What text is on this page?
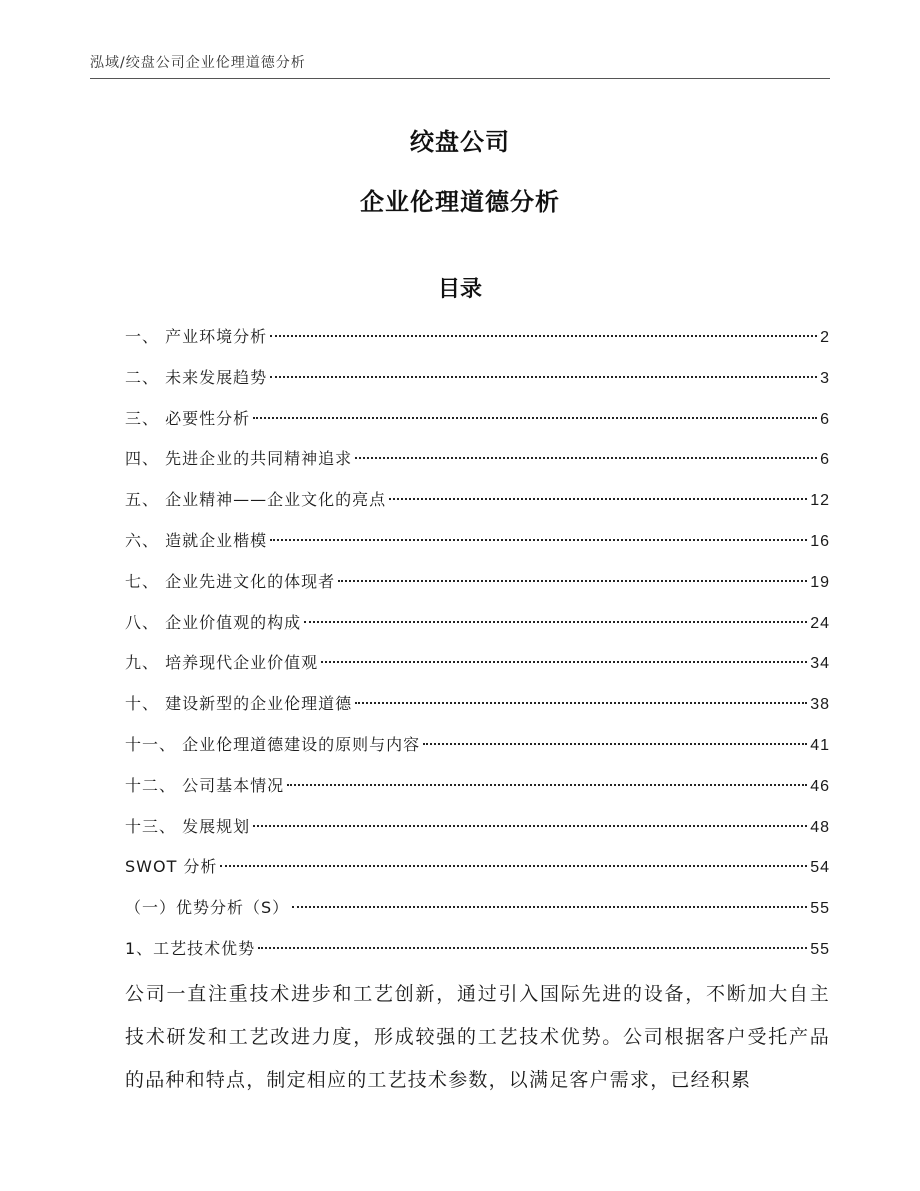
泓域/绞盘公司企业伦理道德分析
绞盘公司
企业伦理道德分析
目录
一、 产业环境分析	2
二、 未来发展趋势	3
三、 必要性分析	6
四、 先进企业的共同精神追求	6
五、 企业精神——企业文化的亮点	12
六、 造就企业楷模	16
七、 企业先进文化的体现者	19
八、 企业价值观的构成	24
九、 培养现代企业价值观	34
十、 建设新型的企业伦理道德	38
十一、 企业伦理道德建设的原则与内容	41
十二、 公司基本情况	46
十三、 发展规划	48
SWOT 分析	54
（一）优势分析（S）	55
1、工艺技术优势	55

公司一直注重技术进步和工艺创新，通过引入国际先进的设备，不断加大自主技术研发和工艺改进力度，形成较强的工艺技术优势。公司根据客户受托产品的品种和特点，制定相应的工艺技术参数，以满足客户需求，已经积累
